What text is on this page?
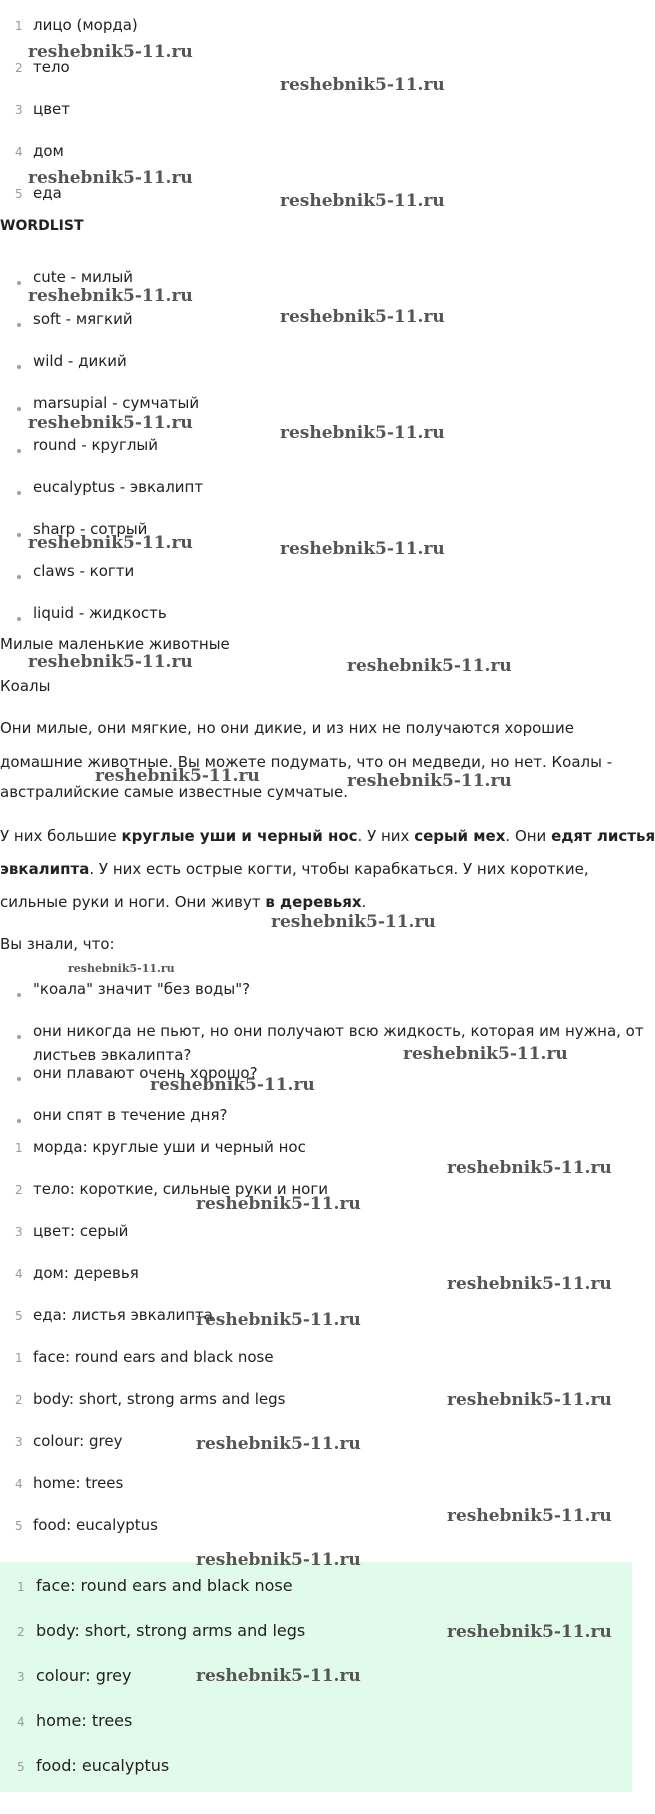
1 лицо (морда)
2 тело
3 цвет
4 дом
5 еда
WORDLIST
cute - милый
soft - мягкий
wild - дикий
marsupial - сумчатый
round - круглый
eucalyptus - эвкалипт
sharp - сотрый
claws - когти
liquid - жидкость
Милые маленькие животные
Коалы
Они милые, они мягкие, но они дикие, и из них не получаются хорошие
домашние животные. Вы можете подумать, что он медведи, но нет. Коалы -
австралийские самые известные сумчатые.
У них большие круглые уши и черный нос. У них серый мех. Они едят листья
эвкалипта. У них есть острые когти, чтобы карабкаться. У них короткие,
сильные руки и ноги. Они живут в деревьях.
Вы знали, что:
"коала" значит "без воды"?
они никогда не пьют, но они получают всю жидкость, которая им нужна, от
листьев эвкалипта?
они плавают очень хорошо?
они спят в течение дня?
1 морда: круглые уши и черный нос
2 тело: короткие, сильные руки и ноги
3 цвет: серый
4 дом: деревья
5 еда: листья эвкалипта
1 face: round ears and black nose
2 body: short, strong arms and legs
3 colour: grey
4 home: trees
5 food: eucalyptus
1 face: round ears and black nose
2 body: short, strong arms and legs
3 colour: grey
4 home: trees
5 food: eucalyptus
reshebnik5-11.ru
reshebnik5-11.ru
reshebnik5-11.ru
reshebnik5-11.ru
reshebnik5-11.ru
reshebnik5-11.ru
reshebnik5-11.ru	reshebnik5-11.ru
reshebnik5-11.ru	reshebnik5-11.ru
reshebnik5-11.ru	reshebnik5-11.ru
reshebnik5-11.ru	reshebnik5-11.ru
reshebnik5-11.ru
reshebnik5-11.ru
reshebnik5-11.ru
reshebnik5-11.ru
reshebnik5-11.ru
reshebnik5-11.ru
reshebnik5-11.ru
reshebnik5-11.ru
reshebnik5-11.ru
reshebnik5-11.ru
reshebnik5-11.ru
reshebnik5-11.ru
reshebnik5-11.ru
reshebnik5-11.ru
